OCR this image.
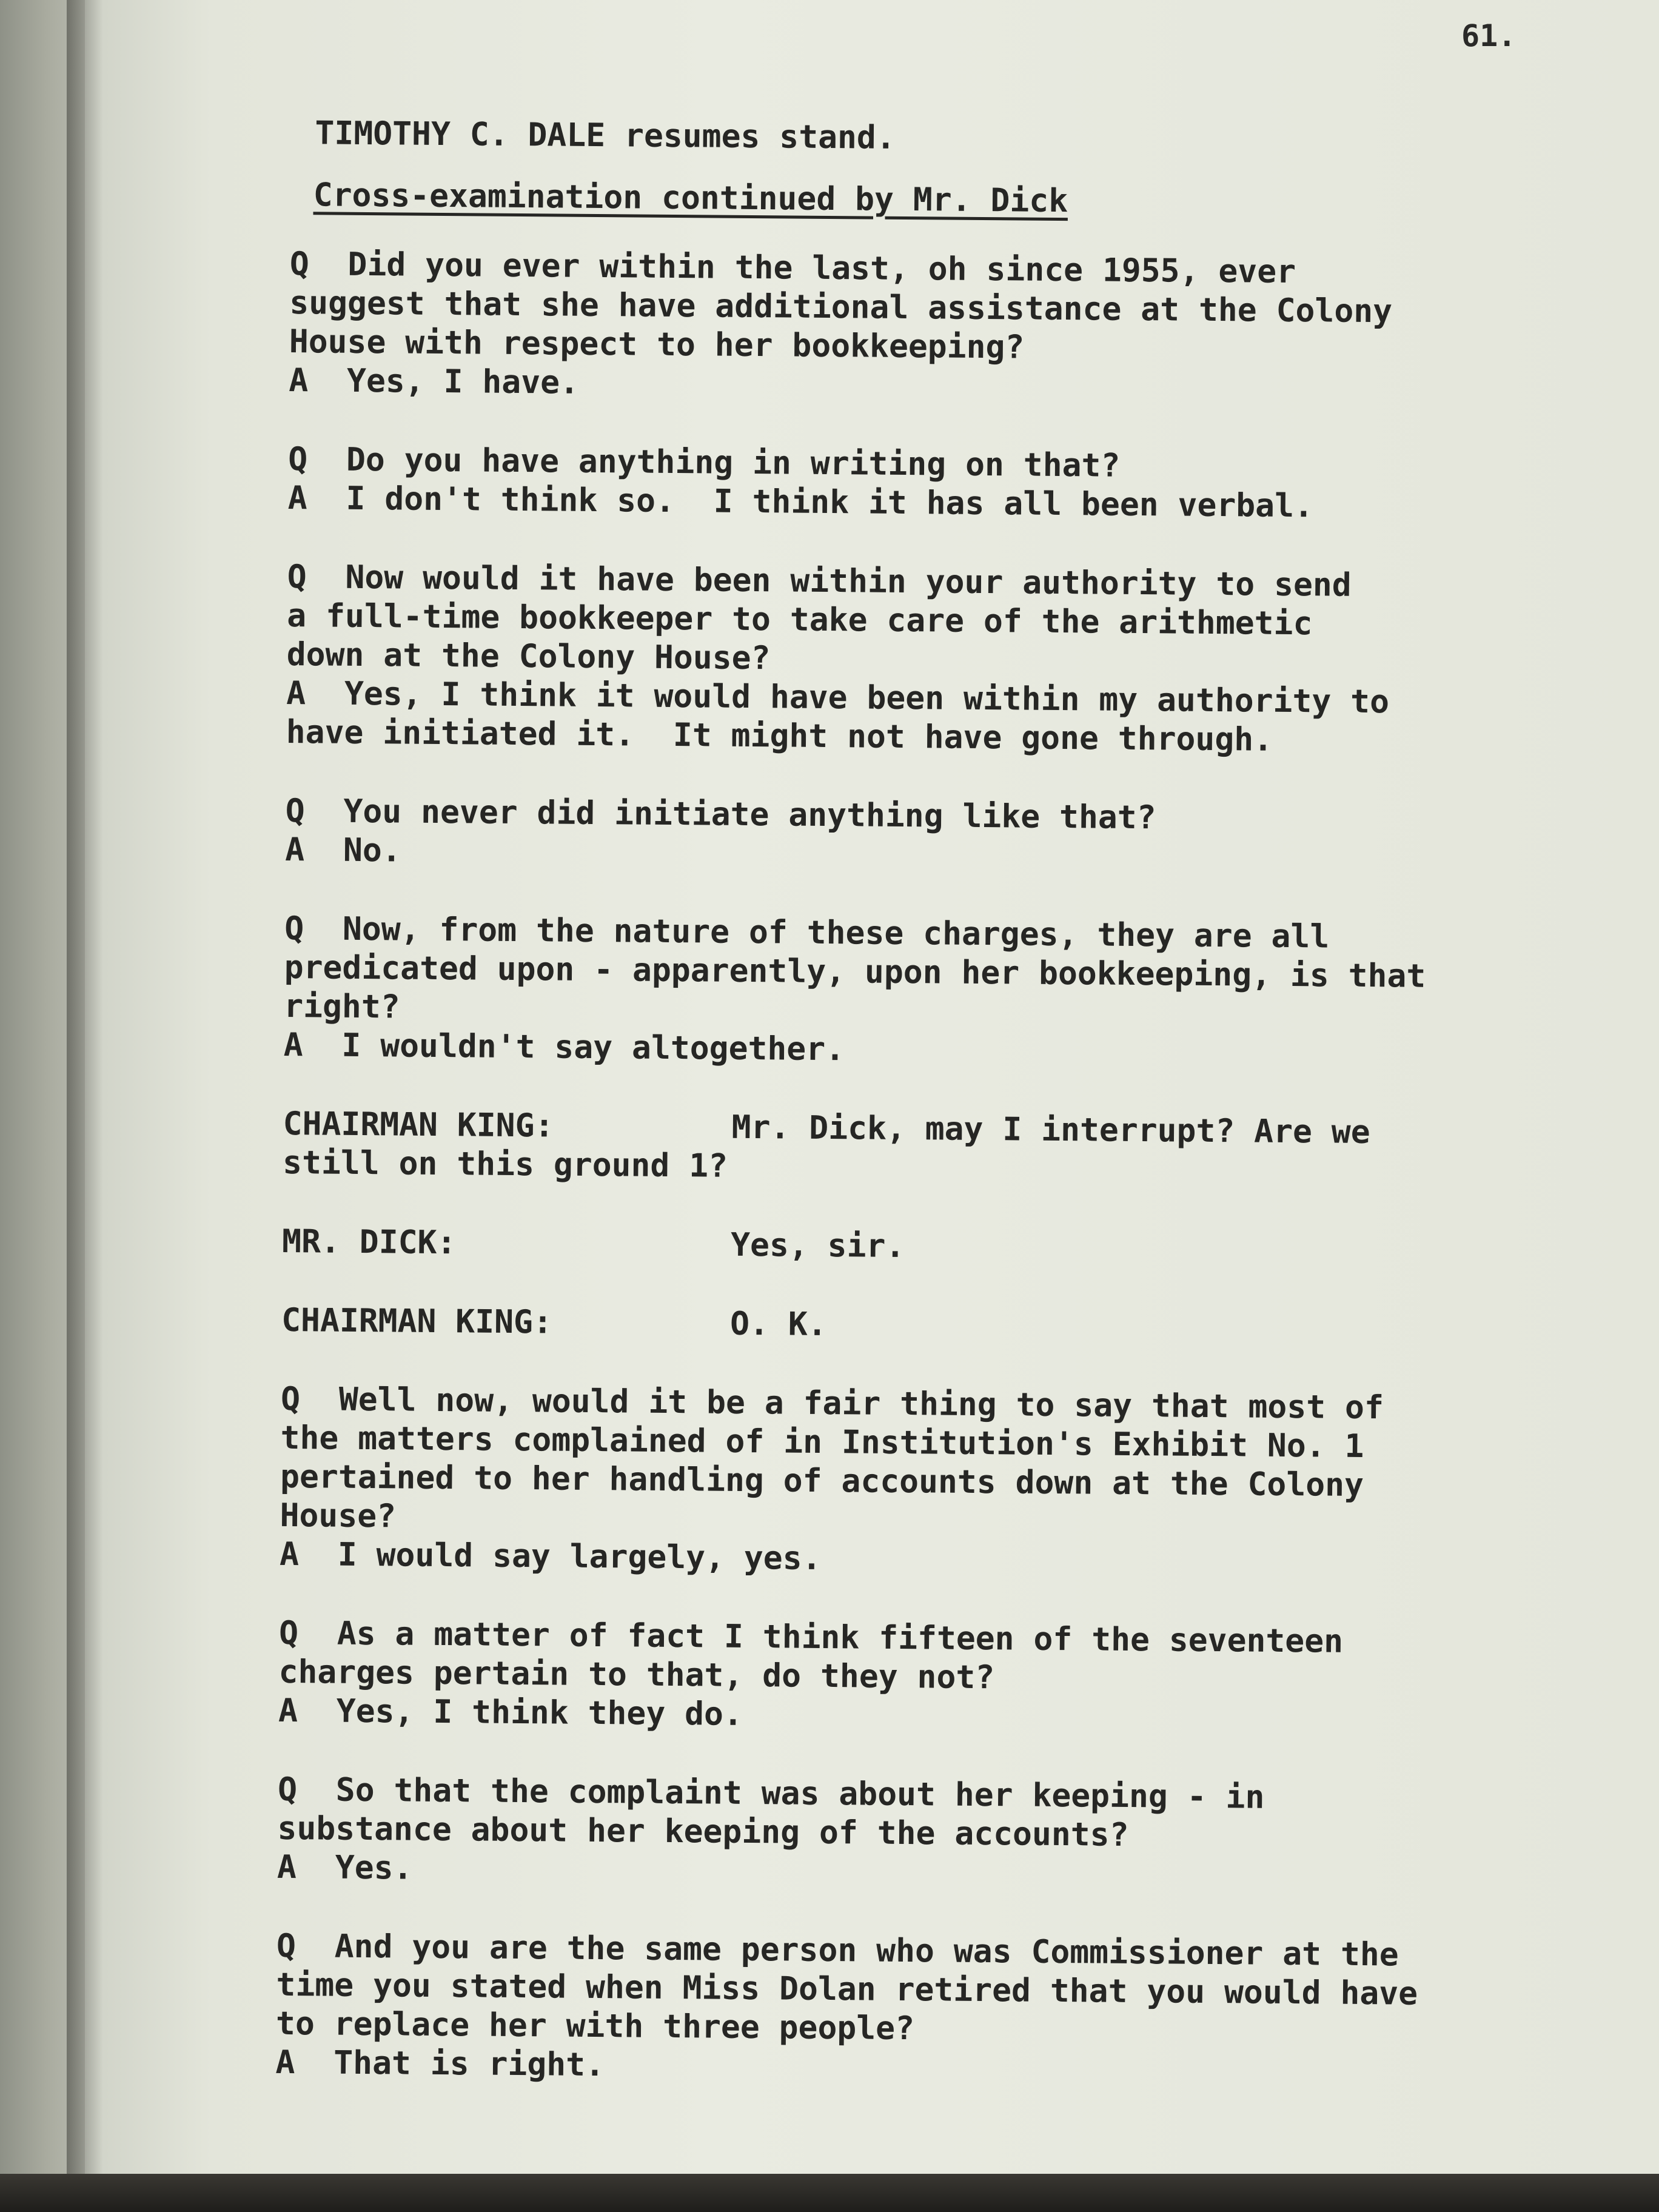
61.

TIMOTHY C. DALE resumes stand.

Cross-examination continued by Mr. Dick

Q  Did you ever within the last, oh since 1955, ever
suggest that she have additional assistance at the Colony
House with respect to her bookkeeping?

A  Yes, I have.

Q  Do you have anything in writing on that?

A  I don't think so.  I think it has all been verbal.

Q  Now would it have been within your authority to send
a full-time bookkeeper to take care of the arithmetic
down at the Colony House?

A  Yes, I think it would have been within my authority to
have initiated it.  It might not have gone through.

Q  You never did initiate anything like that?

A  No.

Q  Now, from the nature of these charges, they are all
predicated upon - apparently, upon her bookkeeping, is that
right?

A  I wouldn't say altogether.

CHAIRMAN KING:	Mr. Dick, may I interrupt? Are we

still on this ground 1?

MR. DICK:	Yes, sir.
CHAIRMAN KING:	O. K.

Q  Well now, would it be a fair thing to say that most of
the matters complained of in Institution's Exhibit No. 1
pertained to her handling of accounts down at the Colony
House?

A  I would say largely, yes.

Q  As a matter of fact I think fifteen of the seventeen
charges pertain to that, do they not?

A  Yes, I think they do.

Q  So that the complaint was about her keeping - in
substance about her keeping of the accounts?

A  Yes.

Q  And you are the same person who was Commissioner at the
time you stated when Miss Dolan retired that you would have
to replace her with three people?

A  That is right.
